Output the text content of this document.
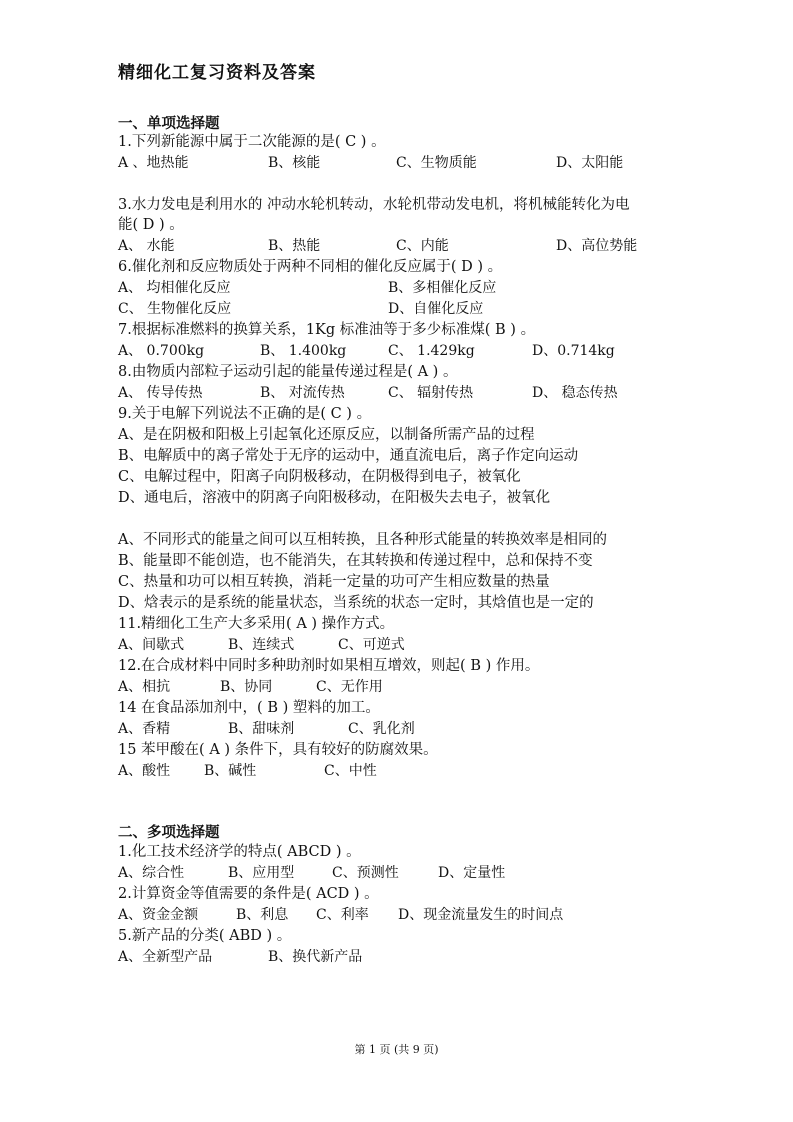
精细化工复习资料及答案
一、单项选择题
1.下列新能源中属于二次能源的是( C ) 。
A 、地热能	B、核能	C、生物质能	D、太阳能
3.水力发电是利用水的 冲动水轮机转动，水轮机带动发电机，将机械能转化为电
能( D ) 。
A、 水能	B、热能	C、内能	D、高位势能
6.催化剂和反应物质处于两种不同相的催化反应属于( D ) 。
A、 均相催化反应	B、多相催化反应
C、 生物催化反应	D、自催化反应
7.根据标准燃料的换算关系，1Kg 标准油等于多少标准煤( B ) 。
A、 0.700kg	B、 1.400kg	C、 1.429kg	D、0.714kg
8.由物质内部粒子运动引起的能量传递过程是( A ) 。
A、 传导传热	B、 对流传热	C、 辐射传热	D、 稳态传热
9.关于电解下列说法不正确的是( C ) 。
A、是在阴极和阳极上引起氧化还原反应，以制备所需产品的过程
B、电解质中的离子常处于无序的运动中，通直流电后，离子作定向运动
C、电解过程中，阳离子向阴极移动，在阴极得到电子，被氧化
D、通电后，溶液中的阴离子向阳极移动，在阳极失去电子，被氧化
A、不同形式的能量之间可以互相转换，且各种形式能量的转换效率是相同的
B、能量即不能创造，也不能消失，在其转换和传递过程中，总和保持不变
C、热量和功可以相互转换，消耗一定量的功可产生相应数量的热量
D、焓表示的是系统的能量状态，当系统的状态一定时，其焓值也是一定的
11.精细化工生产大多采用( A ) 操作方式。
A、间歇式	B、连续式	C、可逆式
12.在合成材料中同时多种助剂时如果相互增效，则起( B ) 作用。
A、相抗	B、协同	C、无作用
14 在食品添加剂中，( B ) 塑料的加工。
A、香精	B、甜味剂	C、乳化剂
15 苯甲酸在( A ) 条件下，具有较好的防腐效果。
A、酸性 B、碱性	C、中性
二、多项选择题
1.化工技术经济学的特点( ABCD ) 。
A、综合性	B、应用型	C、预测性	D、定量性
2.计算资金等值需要的条件是( ACD ) 。
A、资金金额	B、利息 C、利率 D、现金流量发生的时间点
5.新产品的分类( ABD ) 。
A、全新型产品	B、换代新产品
第 1 页 (共 9 页)
